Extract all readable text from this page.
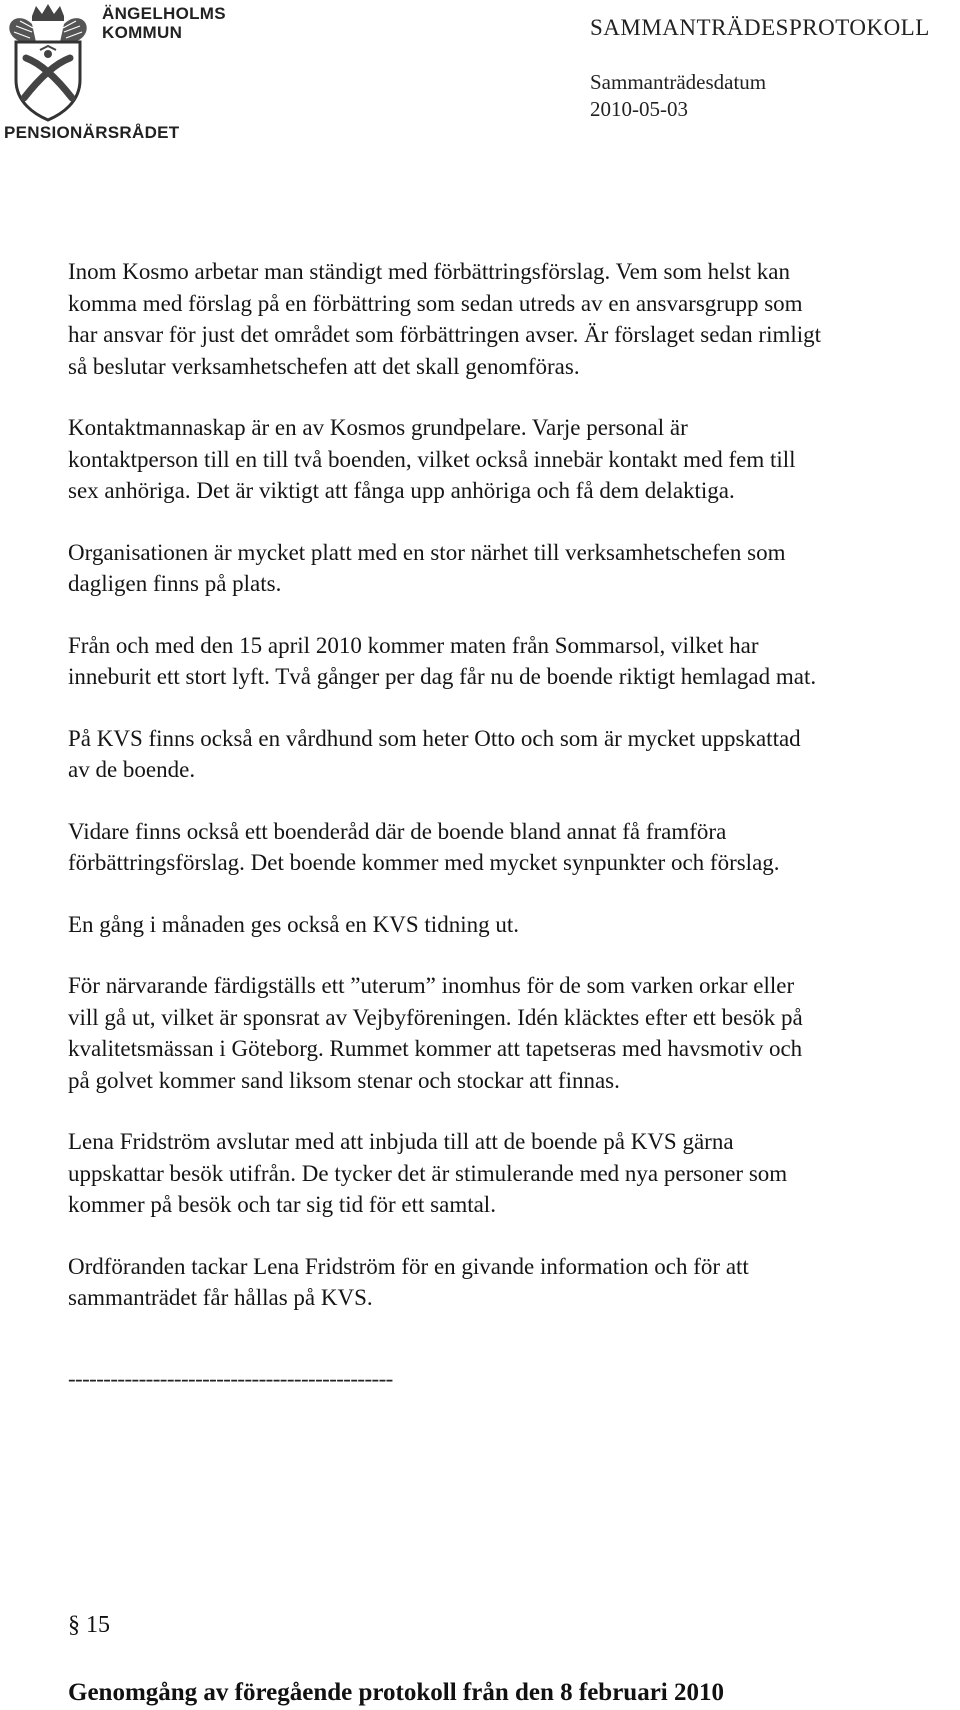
ÄNGELHOLMS
KOMMUN
PENSIONÄRSRÅDET
SAMMANTRÄDESPROTOKOLL
Sammanträdesdatum
2010-05-03

Inom Kosmo arbetar man ständigt med förbättringsförslag. Vem som helst kan
komma med förslag på en förbättring som sedan utreds av en ansvarsgrupp som
har ansvar för just det området som förbättringen avser. Är förslaget sedan rimligt
så beslutar verksamhetschefen att det skall genomföras.

Kontaktmannaskap är en av Kosmos grundpelare. Varje personal är
kontaktperson till en till två boenden, vilket också innebär kontakt med fem till
sex anhöriga. Det är viktigt att fånga upp anhöriga och få dem delaktiga.

Organisationen är mycket platt med en stor närhet till verksamhetschefen som
dagligen finns på plats.

Från och med den 15 april 2010 kommer maten från Sommarsol, vilket har
inneburit ett stort lyft. Två gånger per dag får nu de boende riktigt hemlagad mat.

På KVS finns också en vårdhund som heter Otto och som är mycket uppskattad
av de boende.

Vidare finns också ett boenderåd där de boende bland annat få framföra
förbättringsförslag. Det boende kommer med mycket synpunkter och förslag.

En gång i månaden ges också en KVS tidning ut.

För närvarande färdigställs ett ”uterum” inomhus för de som varken orkar eller
vill gå ut, vilket är sponsrat av Vejbyföreningen. Idén kläcktes efter ett besök på
kvalitetsmässan i Göteborg. Rummet kommer att tapetseras med havsmotiv och
på golvet kommer sand liksom stenar och stockar att finnas.

Lena Fridström avslutar med att inbjuda till att de boende på KVS gärna
uppskattar besök utifrån. De tycker det är stimulerande med nya personer som
kommer på besök och tar sig tid för ett samtal.

Ordföranden tackar Lena Fridström för en givande information och för att
sammanträdet får hållas på KVS.

----------------------------------------------
§ 15
Genomgång av föregående protokoll från den 8 februari 2010
